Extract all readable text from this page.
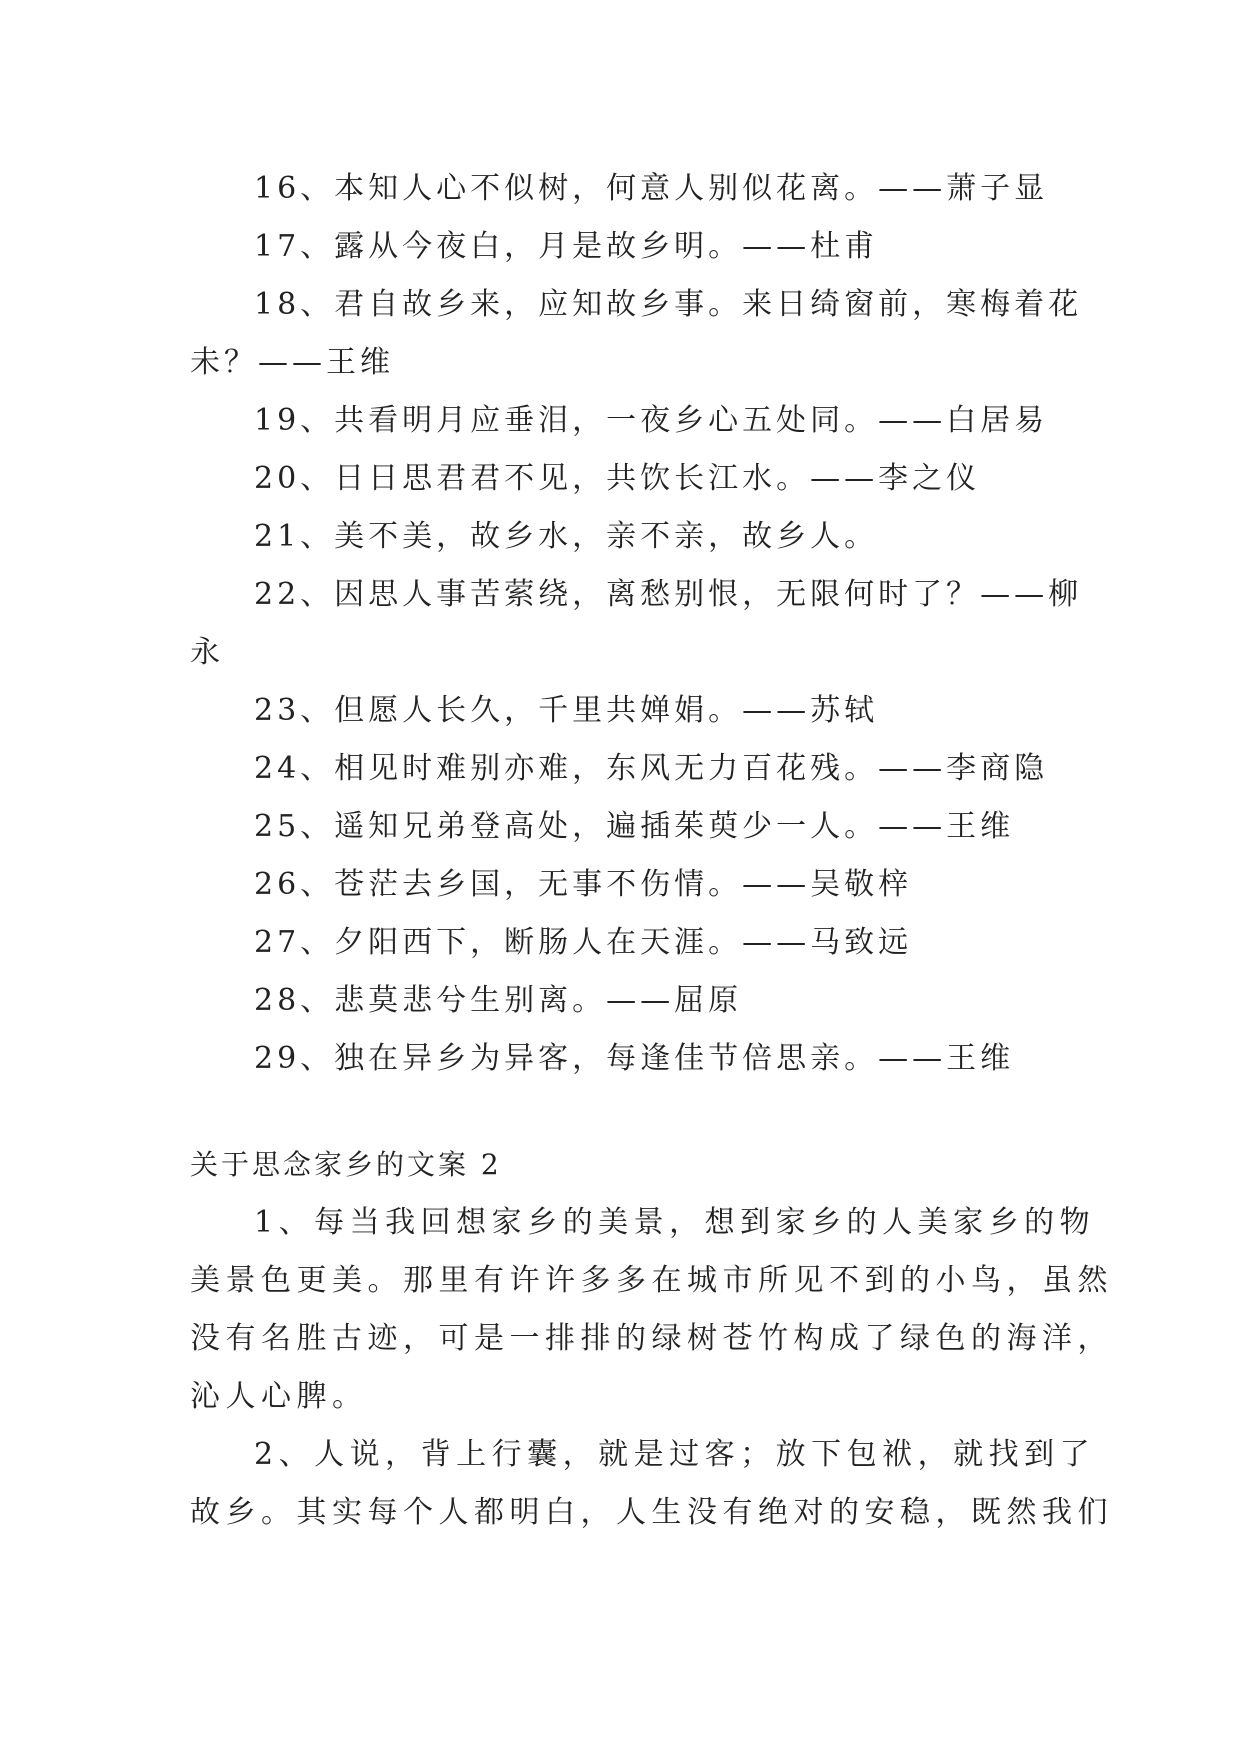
16、本知人心不似树，何意人别似花离。——萧子显
17、露从今夜白，月是故乡明。——杜甫
18、君自故乡来，应知故乡事。来日绮窗前，寒梅着花
未？——王维
19、共看明月应垂泪，一夜乡心五处同。——白居易
20、日日思君君不见，共饮长江水。——李之仪
21、美不美，故乡水，亲不亲，故乡人。
22、因思人事苦萦绕，离愁别恨，无限何时了？——柳
永
23、但愿人长久，千里共婵娟。——苏轼
24、相见时难别亦难，东风无力百花残。——李商隐
25、遥知兄弟登高处，遍插茱萸少一人。——王维
26、苍茫去乡国，无事不伤情。——吴敬梓
27、夕阳西下，断肠人在天涯。——马致远
28、悲莫悲兮生别离。——屈原
29、独在异乡为异客，每逢佳节倍思亲。——王维
关于思念家乡的文案 2
1、每当我回想家乡的美景，想到家乡的人美家乡的物
美景色更美。那里有许许多多在城市所见不到的小鸟，虽然
没有名胜古迹，可是一排排的绿树苍竹构成了绿色的海洋，
沁人心脾。
2、人说，背上行囊，就是过客；放下包袱，就找到了
故乡。其实每个人都明白，人生没有绝对的安稳，既然我们
